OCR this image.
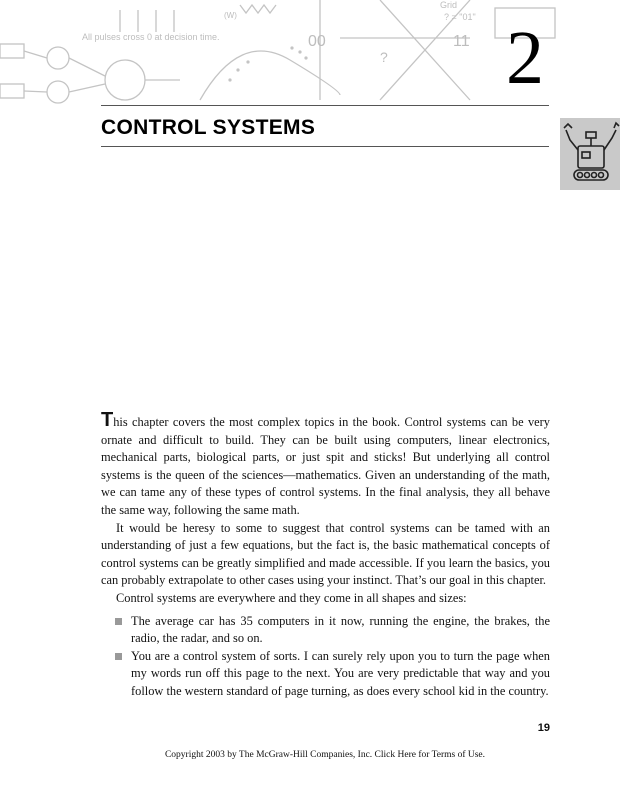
All pulses cross 0 at decision time.
(W)
Grid
? = "01"
00	11
? 2
CONTROL SYSTEMS

This chapter covers the most complex topics in the book. Control systems can be very ornate and difficult to build. They can be built using computers, linear electronics, mechanical parts, biological parts, or just spit and sticks! But underlying all control systems is the queen of the sciences—mathematics. Given an understanding of the math, we can tame any of these types of control systems. In the final analysis, they all behave the same way, following the same math.

It would be heresy to some to suggest that control systems can be tamed with an understanding of just a few equations, but the fact is, the basic mathematical concepts of control systems can be greatly simplified and made accessible. If you learn the basics, you can probably extrapolate to other cases using your instinct. That’s our goal in this chapter.

Control systems are everywhere and they come in all shapes and sizes:

The average car has 35 computers in it now, running the engine, the brakes, the radio, the radar, and so on.
You are a control system of sorts. I can surely rely upon you to turn the page when my words run off this page to the next. You are very predictable that way and you follow the western standard of page turning, as does every school kid in the country.
19
Copyright 2003 by The McGraw-Hill Companies, Inc. Click Here for Terms of Use.
